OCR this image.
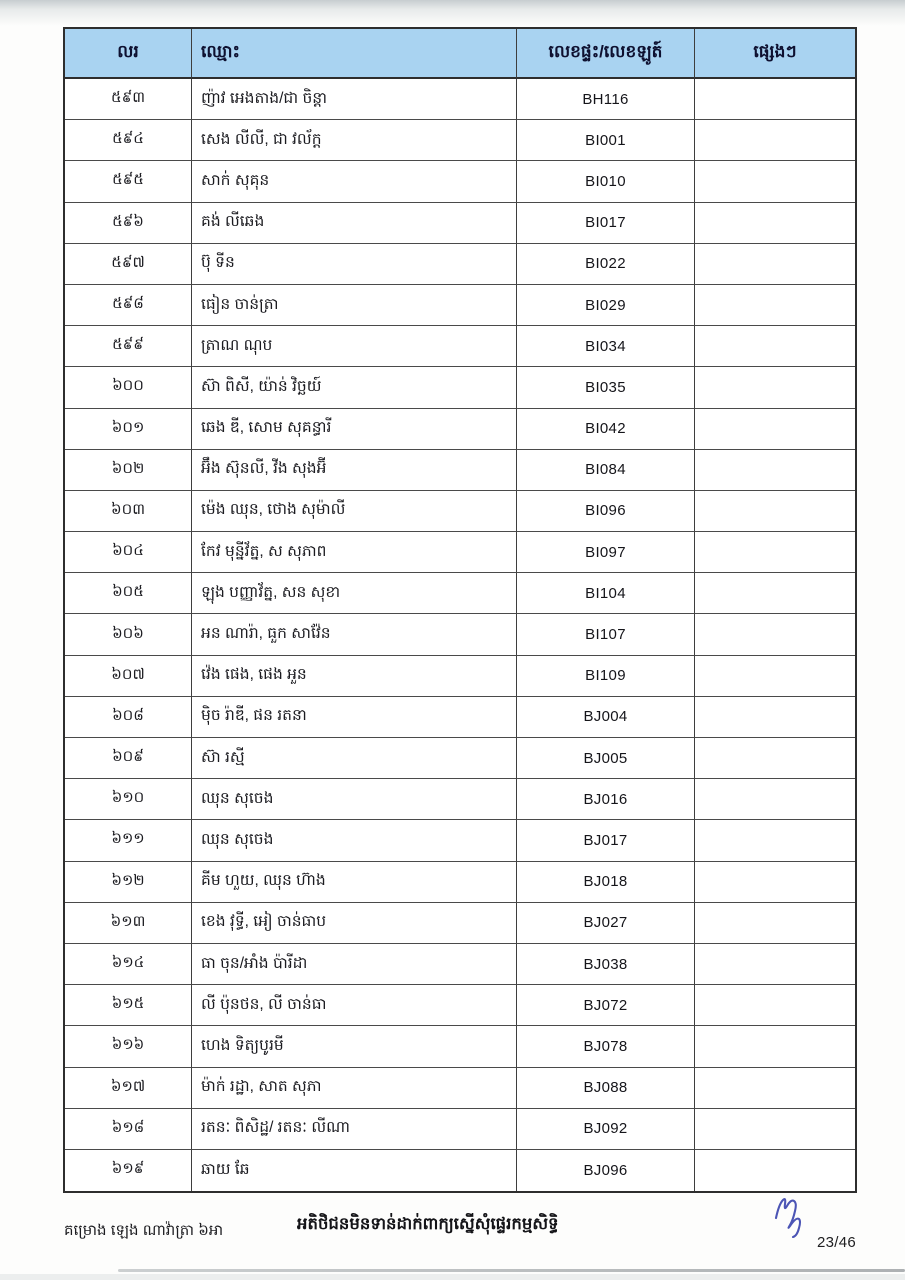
លរ	ឈ្មោះ	លេខផ្ទះ/លេខឡូត៍	ផ្សេងៗ
៥៩៣	ញ៉ាវ អេងតាង/ជា ចិន្តា	BH116
៥៩៤	សេង លីលី, ជា វល័ក្ត	BI001
៥៩៥	សាក់ សុគុន	BI010
៥៩៦	គង់ លីឆេង	BI017
៥៩៧	ប៊ុ ទីន	BI022
៥៩៨	ធៀន ចាន់ត្រា	BI029
៥៩៩	ត្រាណ ណុប	BI034
៦០០	ស៊ា ពិសី, យ៉ាន់ វិច្ឆយ៍	BI035
៦០១	ឆេង ឌី, សោម សុគន្ធារី	BI042
៦០២	អ៊ឹង ស៊ុនលី, វីង សុងអ៊ី	BI084
៦០៣	ម៉េង ឈុន, ថោង សុម៉ាលី	BI096
៦០៤	កែវ មុន្នីវ័ត្ន, ស សុភាព	BI097
៦០៥	ឡុង បញ្ញាវ័ត្ន, សន សុខា	BI104
៦០៦	អន ណារ៉ា, ធួក សាវ៉ែន	BI107
៦០៧	វ៉េង ផេង, ផេង អួន	BI109
៦០៨	ម៉ិច រ៉ាឌី, ផន រតនា	BJ004
៦០៩	ស៊ា រស្មី	BJ005
៦១០	ឈុន សុចេង	BJ016
៦១១	ឈុន សុចេង	BJ017
៦១២	គីម ហួយ, ឈុន ហ៊ាង	BJ018
៦១៣	ខេង វុទ្ធី, អៀ ចាន់ធាប	BJ027
៦១៤	ធា ចុន/អាំង ប៉ារីដា	BJ038
៦១៥	លី ប៉ុនថន, លី ចាន់ធា	BJ072
៦១៦	ហេង ទិត្យបូរមី	BJ078
៦១៧	ម៉ាក់ រដ្ឋា, សាត សុភា	BJ088
៦១៨	រតនៈ ពិសិដ្ឋ/ រតនៈ លីណា	BJ092
៦១៩	ឆាយ ឆែ	BJ096
គម្រោង ឡេង ណាវ៉ាត្រា ៦អា	អតិថិជនមិនទាន់ដាក់ពាក្យស្នើសុំផ្ទេរកម្មសិទ្ធិ
23/46
